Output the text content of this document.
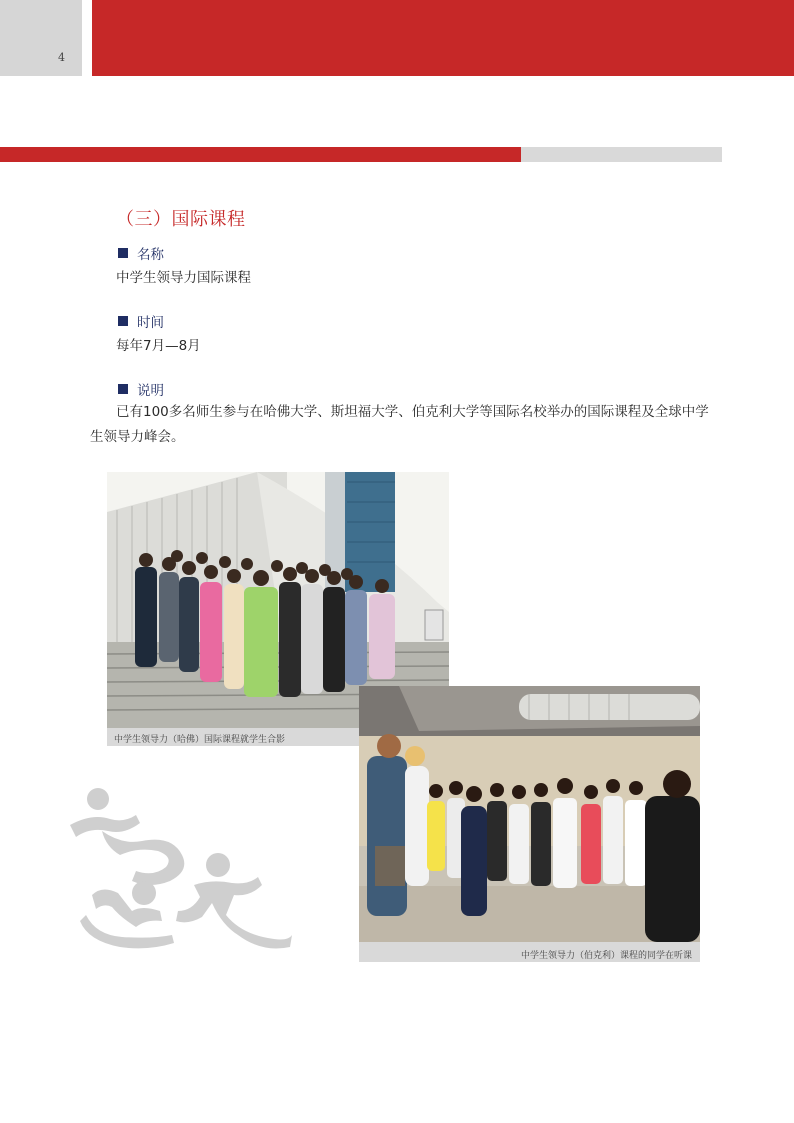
4
（三）国际课程
名称
中学生领导力国际课程
时间
每年7月—8月
说明
已有100多名师生参与在哈佛大学、斯坦福大学、伯克利大学等国际名校举办的国际课程及全球中学生领导力峰会。
中学生领导力（哈佛）国际课程就学生合影
中学生领导力（伯克利）课程的同学在听课
